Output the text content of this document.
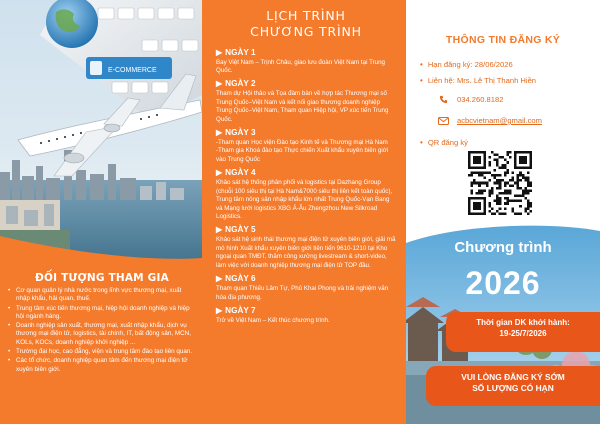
E-COMMERCE
ĐỐI TƯỢNG THAM GIA
• Cơ quan quản lý nhà nước trong lĩnh vực thương mại, xuất nhập khẩu, hải quan, thuế.
• Trung tâm xúc tiến thương mại, hiệp hội doanh nghiệp và hiệp hội ngành hàng.
• Doanh nghiệp sản xuất, thương mại, xuất nhập khẩu, dịch vụ thương mại điện tử, logistics, tài chính, IT, bất động sản, MCN, KOLs, KOCs, doanh nghiệp khởi nghiệp ...
• Trường đại học, cao đẳng, viện và trung tâm đào tạo liên quan.
• Các tổ chức, doanh nghiệp quan tâm đến thương mại điện tử xuyên biên giới.
LỊCH TRÌNH
CHƯƠNG TRÌNH
▶ NGÀY 1
Bay Việt Nam – Trịnh Châu, giao lưu đoàn Việt Nam tại Trung Quốc.
▶ NGÀY 2
Tham dự Hội thảo và Tọa đàm bàn về hợp tác Thương mại số Trung Quốc–Việt Nam và kết nối giao thương doanh nghiệp Trung Quốc–Việt Nam, Tham quan Hiệp hội, VP xúc tiến Trung Quốc.
▶ NGÀY 3
-Tham quan Học viện Đào tạo Kinh tế và Thương mại Hà Nam
-Tham gia Khoá đào tạo Thực chiến Xuất khẩu xuyên biên giới vào Trung Quốc
▶ NGÀY 4
Khảo sát hệ thống phân phối và logistics tại Dazhang Group (chuỗi 100 siêu thị tại Hà Nam&7000 siêu thị liên kết toàn quốc), Trung tâm nông sản nhập khẩu lớn nhất Trung Quốc-Vạn Bang và Mạng lưới logistics XBG Á-Âu Zhengzhou New Silkroad Logistics.
▶ NGÀY 5
Khảo sát hệ sinh thái thương mại điện tử xuyên biên giới, giải mã mô hình Xuất khẩu xuyên biên giới tiên tiến 9610-1210 tại Kho ngoại quan TMĐT, thăm công xưởng livestream & short-video, làm việc với doanh nghiệp thương mại điện tử TOP đầu.
▶ NGÀY 6
Tham quan Thiếu Lâm Tự, Phủ Khai Phong và trải nghiệm văn hóa địa phương.
▶ NGÀY 7
Trở về Việt Nam – Kết thúc chương trình.
THÔNG TIN ĐĂNG KÝ
• Hạn đăng ký: 28/06/2026
• Liên hệ: Mrs. Lê Thị Thanh Hiền
034.260.8182
acbcvietnam@gmail.com
• QR đăng ký
Chương trình
2026
Thời gian DK khởi hành:
19-25/7/2026
VUI LÒNG ĐĂNG KÝ SỚM
SỐ LƯỢNG CÓ HẠN
